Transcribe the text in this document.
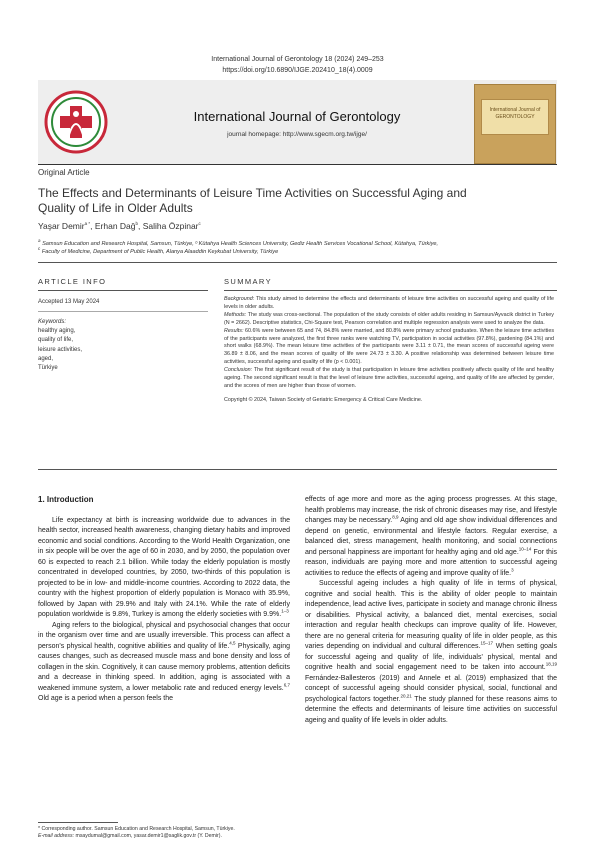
International Journal of Gerontology 18 (2024) 249–253
https://doi.org/10.6890/IJGE.202410_18(4).0009
International Journal of Gerontology
journal homepage: http://www.sgecm.org.tw/ijge/
International Journal of GERONTOLOGY
Original Article
The Effects and Determinants of Leisure Time Activities on Successful Aging and
Quality of Life in Older Adults
Yaşar Demir$^{a *}$, Erhan Dağ$^b$, Saliha Özpinar$^c$
$^a$ Samsun Education and Research Hospital, Samsun, Türkiye, ᵇ Kütahya Health Sciences University, Gediz Health Services Vocational School, Kütahya, Türkiye,
$^c$ Faculty of Medicine, Department of Public Health, Alanya Alaaddin Keykubat University, Türkiye
ARTICLE INFO
Accepted 13 May 2024
Keywords:
healthy aging,
quality of life,
leisure activities,
aged,
Türkiye
SUMMARY

Background: This study aimed to determine the effects and determinants of leisure time activities on successful ageing and quality of life levels in older adults.

Methods: The study was cross-sectional. The population of the study consists of older adults residing in Samsun/Ayvacik district in Turkey (N = 2662). Descriptive statistics, Chi-Square test, Pearson correlation and multiple regression analysis were used to analyze the data.

Results: 60.6% were between 65 and 74, 84.8% were married, and 80.8% were primary school graduates. When the leisure time activities of the participants were analyzed, the first three ranks were watching TV, participation in social activities (97.8%), gardening (84.1%) and short walks (68.9%). The mean leisure time activities of the participants were 3.11 ± 0.71, the mean scores of successful ageing were 36.89 ± 8.06, and the mean scores of quality of life were 24.73 ± 3.30. A positive relationship was determined between leisure time activities, successful ageing and quality of life (p < 0.001).

Conclusion: The first significant result of the study is that participation in leisure time activities positively affects quality of life and healthy ageing. The second significant result is that the level of leisure time activities, successful ageing, and quality of life are affected by gender, and the scores of men are higher than those of women.

Copyright © 2024, Taiwan Society of Geriatric Emergency & Critical Care Medicine.

1. Introduction

Life expectancy at birth is increasing worldwide due to advances in the health sector, increased health awareness, changing dietary habits and improved economic and social conditions. According to the World Health Organization, one in six people will be over the age of 60 in 2030, and by 2050, the population over 60 is expected to reach 2.1 billion. While today the elderly population is mostly concentrated in developed countries, by 2050, two-thirds of this population is projected to be in low- and middle-income countries. According to 2022 data, the country with the highest proportion of elderly population is Monaco with 35.9%, followed by Japan with 29.9% and Italy with 24.1%. While the rate of elderly population worldwide is 9.8%, Turkey is among the elderly societies with 9.9%.$^{1-3}$

Aging refers to the biological, physical and psychosocial changes that occur in the organism over time and are usually irreversible. This process can affect a person's physical health, cognitive abilities and quality of life.$^{4,5}$ Physically, aging causes changes, such as decreased muscle mass and bone density and loss of collagen in the skin. Cognitively, it can cause memory problems, attention deficits and a decrease in thinking speed. In addition, aging is associated with a weakened immune system, a lower metabolic rate and reduced energy levels.$^{6,7}$ Old age is a period when a person feels the

effects of age more and more as the aging process progresses. At this stage, health problems may increase, the risk of chronic diseases may rise, and lifestyle changes may be necessary.$^{8,9}$ Aging and old age show individual differences and depend on genetic, environmental and lifestyle factors. Regular exercise, a balanced diet, stress management, health monitoring, and social connections and personal happiness are important for healthy aging and old age.$^{10-14}$ For this reason, individuals are paying more and more attention to successful ageing activities to reduce the effects of ageing and improve quality of life.$^3$

Successful ageing includes a high quality of life in terms of physical, cognitive and social health. This is the ability of older people to maintain independence, lead active lives, participate in society and manage chronic illness or disabilities. Physical activity, a balanced diet, mental exercises, social interaction and regular health checkups can improve quality of life. However, there are no general criteria for measuring quality of life in older people, as this varies depending on individual and cultural differences.$^{15-17}$ When setting goals for successful ageing and quality of life, individuals' physical, mental and cognitive health and social engagement need to be taken into account.$^{18,19}$ Fernández-Ballesteros (2019) and Annele et al. (2019) emphasized that the concept of successful ageing should consider physical, social, functional and psychological factors together.$^{20,21}$ The study planned for these reasons aims to determine the effects and determinants of leisure time activities on successful ageing and quality of life levels in older adults.

* Corresponding author. Samsun Education and Research Hospital, Samsun, Türkiye.
E-mail address: msaydumal@gmail.com, yasar.demir1@saglik.gov.tr (Y. Demir).
